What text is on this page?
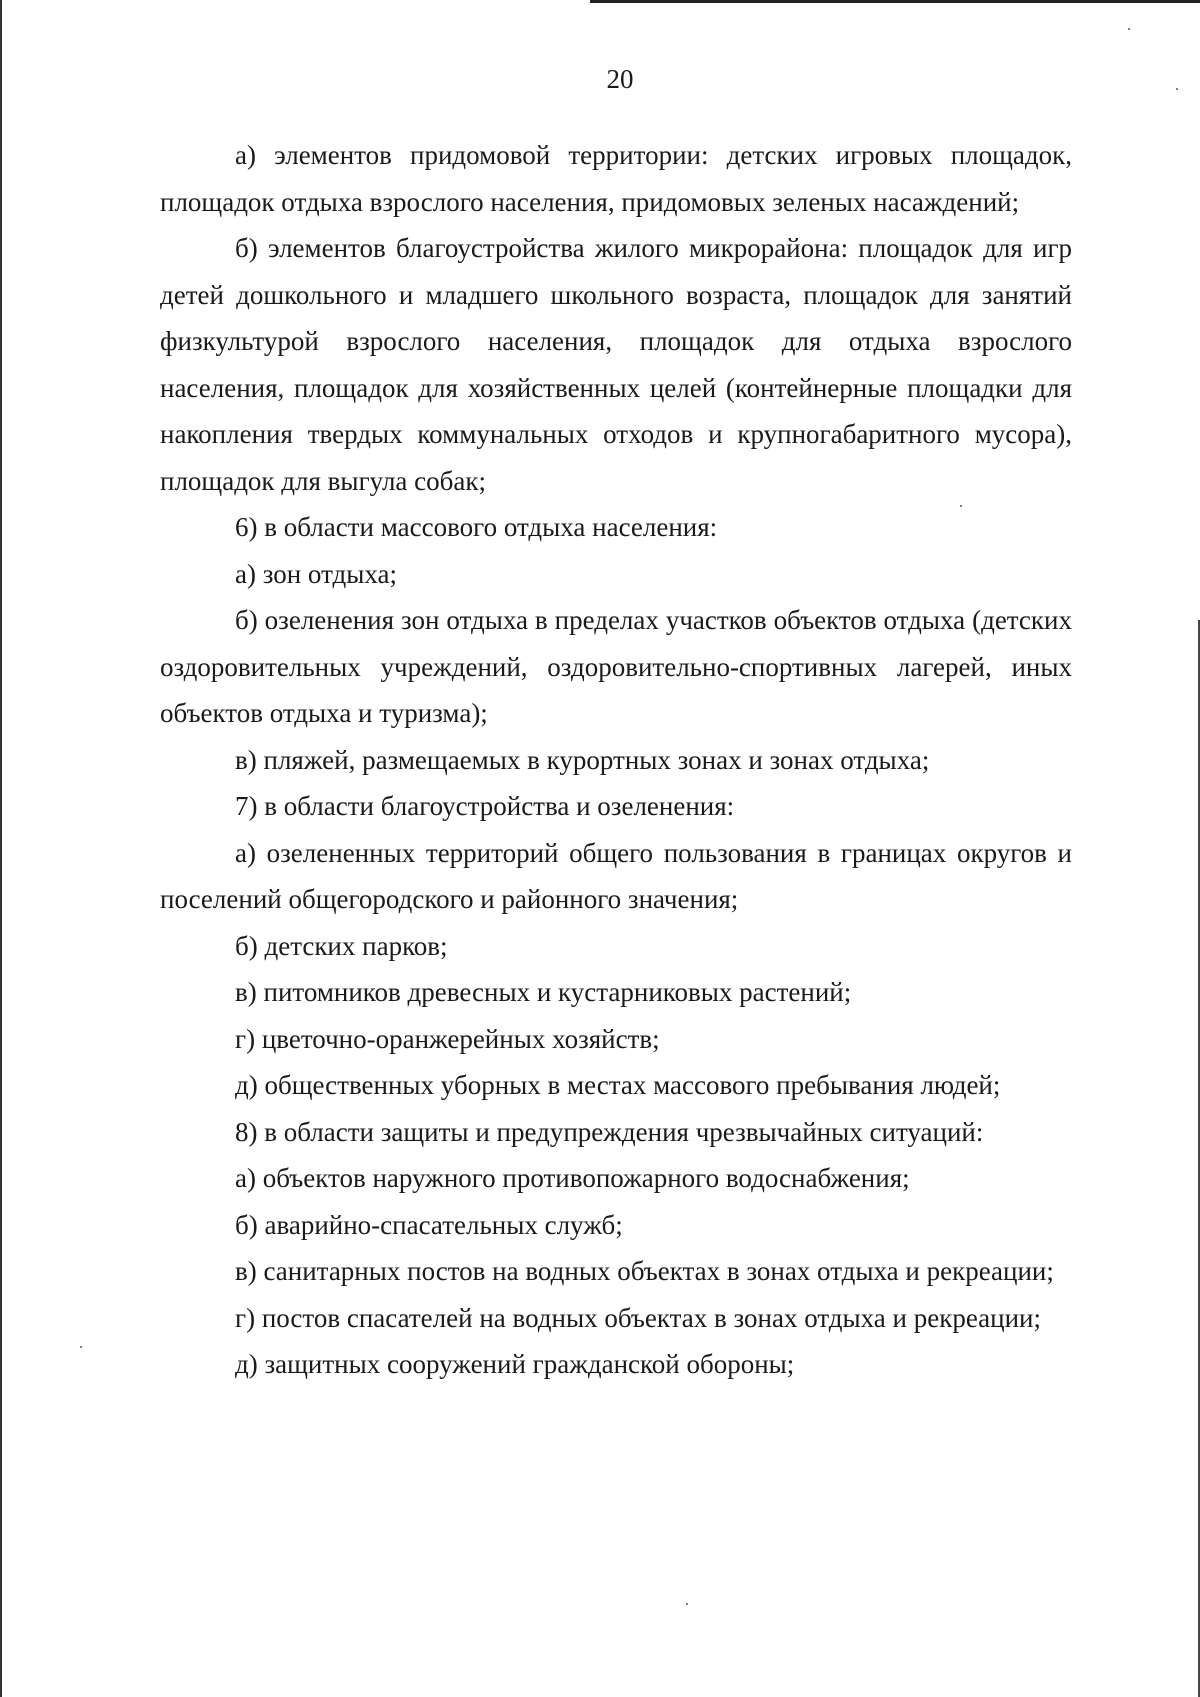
20
а) элементов придомовой территории: детских игровых площадок, площадок отдыха взрослого населения, придомовых зеленых насаждений;
б) элементов благоустройства жилого микрорайона: площадок для игр детей дошкольного и младшего школьного возраста, площадок для занятий физкультурой взрослого населения, площадок для отдыха взрослого населения, площадок для хозяйственных целей (контейнерные площадки для накопления твердых коммунальных отходов и крупногабаритного мусора), площадок для выгула собак;
6) в области массового отдыха населения:
а) зон отдыха;
б) озеленения зон отдыха в пределах участков объектов отдыха (детских оздоровительных учреждений, оздоровительно-спортивных лагерей, иных объектов отдыха и туризма);
в) пляжей, размещаемых в курортных зонах и зонах отдыха;
7) в области благоустройства и озеленения:
а) озелененных территорий общего пользования в границах округов и поселений общегородского и районного значения;
б) детских парков;
в) питомников древесных и кустарниковых растений;
г) цветочно-оранжерейных хозяйств;
д) общественных уборных в местах массового пребывания людей;
8) в области защиты и предупреждения чрезвычайных ситуаций:
а) объектов наружного противопожарного водоснабжения;
б) аварийно-спасательных служб;
в) санитарных постов на водных объектах в зонах отдыха и рекреации;
г) постов спасателей на водных объектах в зонах отдыха и рекреации;
д) защитных сооружений гражданской обороны;
